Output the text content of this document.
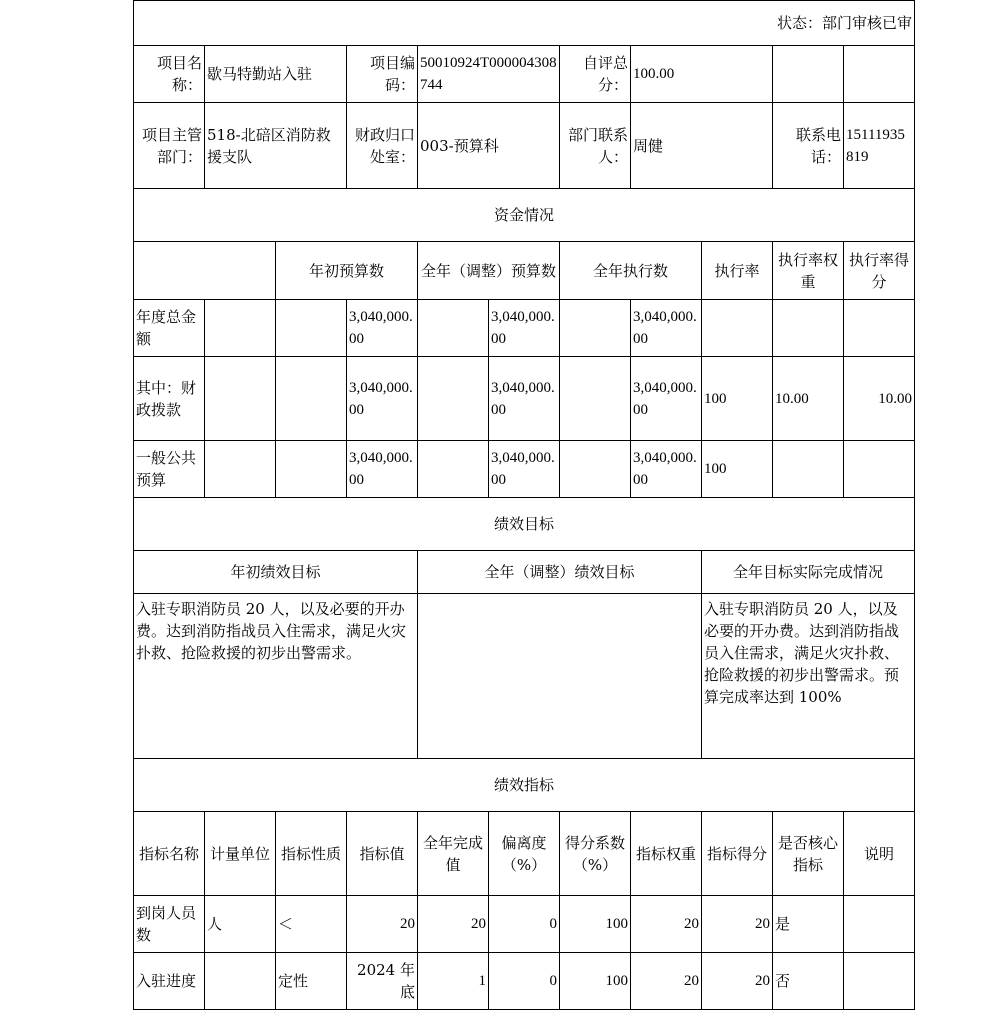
状态：部门审核已审										
项目名称：	歇马特勤站入驻		项目编码：	50010924T000004308744		自评总分：	100.00			
项目主管部门：	518-北碚区消防救援支队		财政归口处室：	003-预算科		部门联系人：	周健		联系电话：	15111935819
资金情况										
		年初预算数		全年（调整）预算数		全年执行数		执行率	执行率权重	执行率得分
年度总金额			3,040,000.00		3,040,000.00		3,040,000.00			
其中：财政拨款			3,040,000.00		3,040,000.00		3,040,000.00	100	10.00	10.00
一般公共预算			3,040,000.00		3,040,000.00		3,040,000.00	100		
绩效目标										
年初绩效目标				全年（调整）绩效目标				全年目标实际完成情况		
入驻专职消防员 20 人，以及必要的开办费。达到消防指战员入住需求，满足火灾扑救、抢险救援的初步出警需求。								入驻专职消防员 20 人，以及必要的开办费。达到消防指战员入住需求，满足火灾扑救、抢险救援的初步出警需求。预算完成率达到 100%		
绩效指标										
指标名称	计量单位	指标性质	指标值	全年完成值	偏离度（%）	得分系数（%）	指标权重	指标得分	是否核心指标	说明
到岗人员数	人	＜	20	20	0	100	20	20	是	
入驻进度		定性	2024 年底	1	0	100	20	20	否	
